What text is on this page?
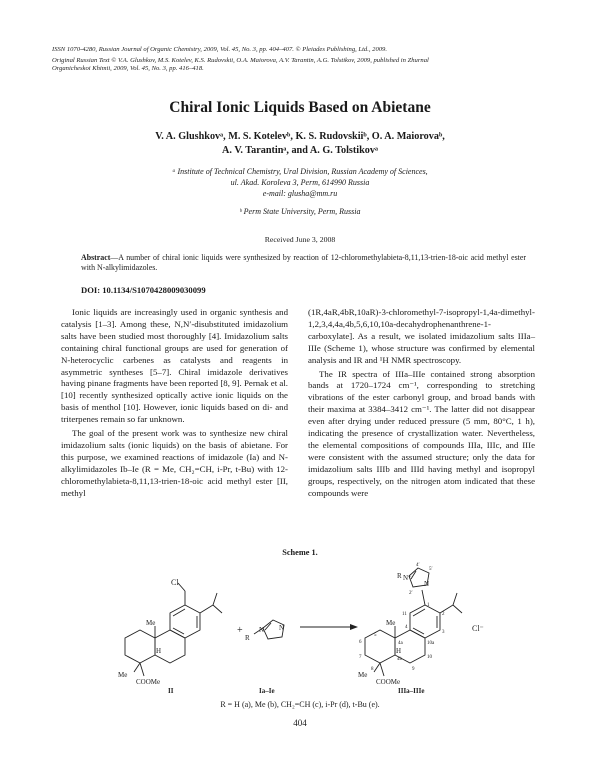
ISSN 1070-4280, Russian Journal of Organic Chemistry, 2009, Vol. 45, No. 3, pp. 404–407. © Pleiades Publishing, Ltd., 2009.
Original Russian Text © V.A. Glushkov, M.S. Kotelev, K.S. Rudovskii, O.A. Maiorova, A.V. Tarantin, A.G. Tolstikov, 2009, published in Zhurnal
Organicheskoi Khimii, 2009, Vol. 45, No. 3, pp. 416–418.
Chiral Ionic Liquids Based on Abietane
V. A. Glushkovᵃ, M. S. Kotelevᵇ, K. S. Rudovskiiᵇ, O. A. Maiorovaᵇ,
A. V. Tarantinᵃ, and A. G. Tolstikovᵃ
ᵃ Institute of Technical Chemistry, Ural Division, Russian Academy of Sciences,
ul. Akad. Koroleva 3, Perm, 614990 Russia
e-mail: glusha@mm.ru
ᵇ Perm State University, Perm, Russia
Received June 3, 2008
Abstract—A number of chiral ionic liquids were synthesized by reaction of 12-chloromethylabieta-8,11,13-trien-18-oic acid methyl ester with N-alkylimidazoles.
DOI: 10.1134/S1070428009030099

Ionic liquids are increasingly used in organic synthesis and catalysis [1–3]. Among these, N,N′-disubstituted imidazolium salts have been studied most thoroughly [4]. Imidazolium salts containing chiral functional groups are used for generation of N-heterocyclic carbenes as catalysts and reagents in asymmetric syntheses [5–7]. Chiral imidazole derivatives having pinane fragments have been reported [8, 9]. Pernak et al. [10] recently synthesized optically active ionic liquids on the basis of menthol [10]. However, ionic liquids based on di- and triterpenes remain so far unknown.

The goal of the present work was to synthesize new chiral imidazolium salts (ionic liquids) on the basis of abietane. For this purpose, we examined reactions of imidazole (Ia) and N-alkylimidazoles Ib–Ie (R = Me, CH₂=CH, i-Pr, t-Bu) with 12-chloromethylabieta-8,11,13-trien-18-oic acid methyl ester [II, methyl

(1R,4aR,4bR,10aR)-3-chloromethyl-7-isopropyl-1,4a-dimethyl-1,2,3,4,4a,4b,5,6,10,10a-decahydrophenanthrene-1-carboxylate]. As a result, we isolated imidazolium salts IIIa–IIIe (Scheme 1), whose structure was confirmed by elemental analysis and IR and ¹H NMR spectroscopy.

The IR spectra of IIIa–IIIe contained strong absorption bands at 1720–1724 cm⁻¹, corresponding to stretching vibrations of the ester carbonyl group, and broad bands with their maxima at 3384–3412 cm⁻¹. The latter did not disappear even after drying under reduced pressure (5 mm, 80°C, 1 h), indicating the presence of crystallization water. Nevertheless, the elemental compositions of compounds IIIa, IIIc, and IIIe were consistent with the assumed structure; only the data for imidazolium salts IIIb and IIId having methyl and isopropyl groups, respectively, on the nitrogen atom indicated that these compounds were

Scheme 1.
Cl
Me
H
Me
COOMe
II
+ N N
R
Ia–Ie
R N⁺
N
4′
5′
2′
Me
H
Me
COOMe
1
2
3
4
4a
4b
5
6
7
8	9
10
10a
11
Cl⁻
IIIa–IIIe
R = H (a), Me (b), CH₂=CH (c), i-Pr (d), t-Bu (e).
404
